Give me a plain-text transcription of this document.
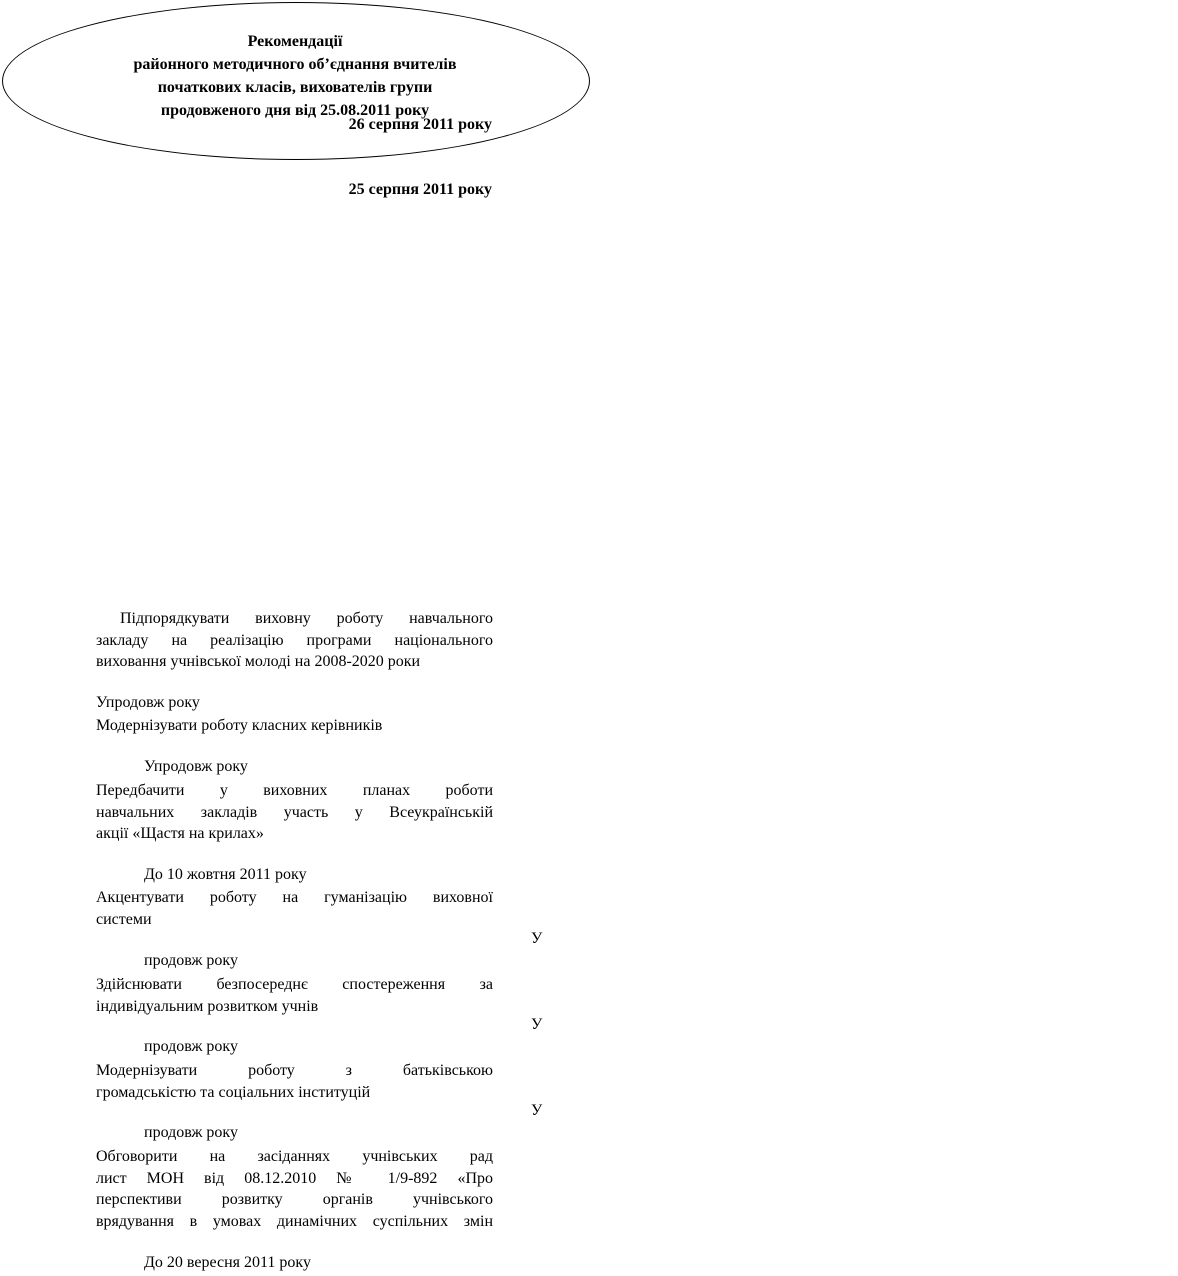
Рекомендації
районного методичного об’єднання вчителів
початкових класів, вихователів групи
продовженого дня від 25.08.2011 року
26 серпня 2011 року
25 серпня 2011 року
Підпорядкувати виховну роботу навчального
закладу на реалізацію програми національного
виховання учнівської молоді на 2008-2020 роки
Упродовж року
Модернізувати роботу класних керівників
Упродовж року
Передбачити у виховних планах роботи
навчальних закладів участь у Всеукраїнській
акції «Щастя на крилах»
До 10 жовтня 2011 року
Акцентувати роботу на гуманізацію виховної
системи
У
продовж року
Здійснювати безпосереднє спостереження за
індивідуальним розвитком учнів
У
продовж року
Модернізувати роботу з батьківською
громадськістю та соціальних інституцій
У
продовж року
Обговорити на засіданнях учнівських рад
лист МОН від 08.12.2010 № 1/9-892 «Про
перспективи розвитку органів учнівського
врядування в умовах динамічних суспільних змін
До 20 вересня 2011 року
